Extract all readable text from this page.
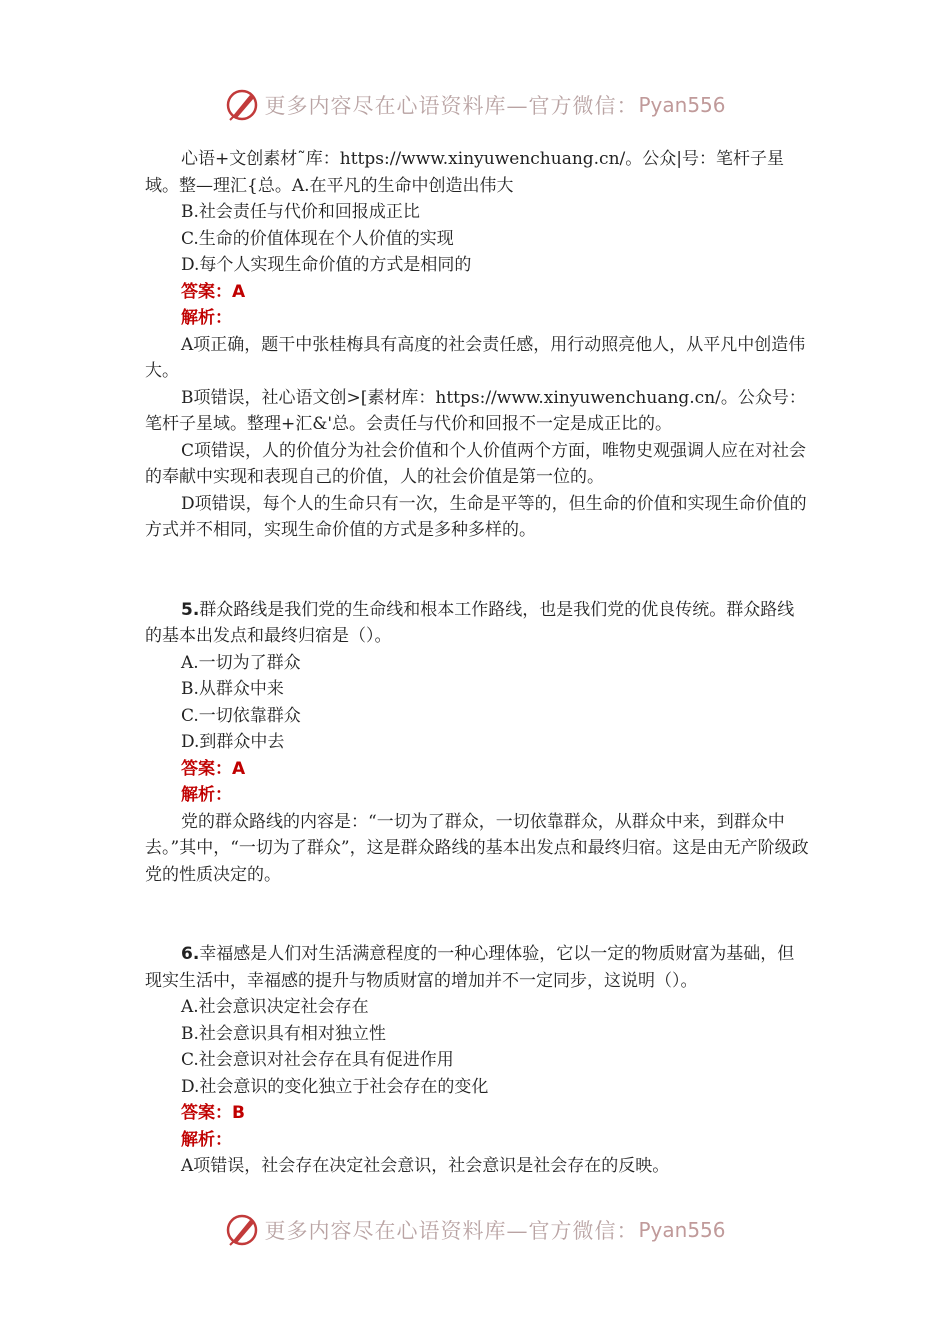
更多内容尽在心语资料库—官方微信： Pyan556

心语+文创素材˜库：https://www.xinyuwenchuang.cn/。公众|号：笔杆子星域。整—理汇{总。A.在平凡的生命中创造出伟大

B.社会责任与代价和回报成正比

C.生命的价值体现在个人价值的实现

D.每个人实现生命价值的方式是相同的

答案：A

解析：

A项正确，题干中张桂梅具有高度的社会责任感，用行动照亮他人，从平凡中创造伟大。

B项错误，社心语文创>[素材库：https://www.xinyuwenchuang.cn/。公众号：笔杆子星域。整理+汇&'总。会责任与代价和回报不一定是成正比的。

C项错误，人的价值分为社会价值和个人价值两个方面，唯物史观强调人应在对社会的奉献中实现和表现自己的价值，人的社会价值是第一位的。

D项错误，每个人的生命只有一次，生命是平等的，但生命的价值和实现生命价值的方式并不相同，实现生命价值的方式是多种多样的。

5.群众路线是我们党的生命线和根本工作路线，也是我们党的优良传统。群众路线的基本出发点和最终归宿是（）。

A.一切为了群众

B.从群众中来

C.一切依靠群众

D.到群众中去

答案：A

解析：

党的群众路线的内容是：“一切为了群众，一切依靠群众，从群众中来，到群众中去。”其中，“一切为了群众”，这是群众路线的基本出发点和最终归宿。这是由无产阶级政党的性质决定的。

6.幸福感是人们对生活满意程度的一种心理体验，它以一定的物质财富为基础，但现实生活中，幸福感的提升与物质财富的增加并不一定同步，这说明（）。

A.社会意识决定社会存在

B.社会意识具有相对独立性

C.社会意识对社会存在具有促进作用

D.社会意识的变化独立于社会存在的变化

答案：B

解析：

A项错误，社会存在决定社会意识，社会意识是社会存在的反映。

更多内容尽在心语资料库—官方微信： Pyan556
